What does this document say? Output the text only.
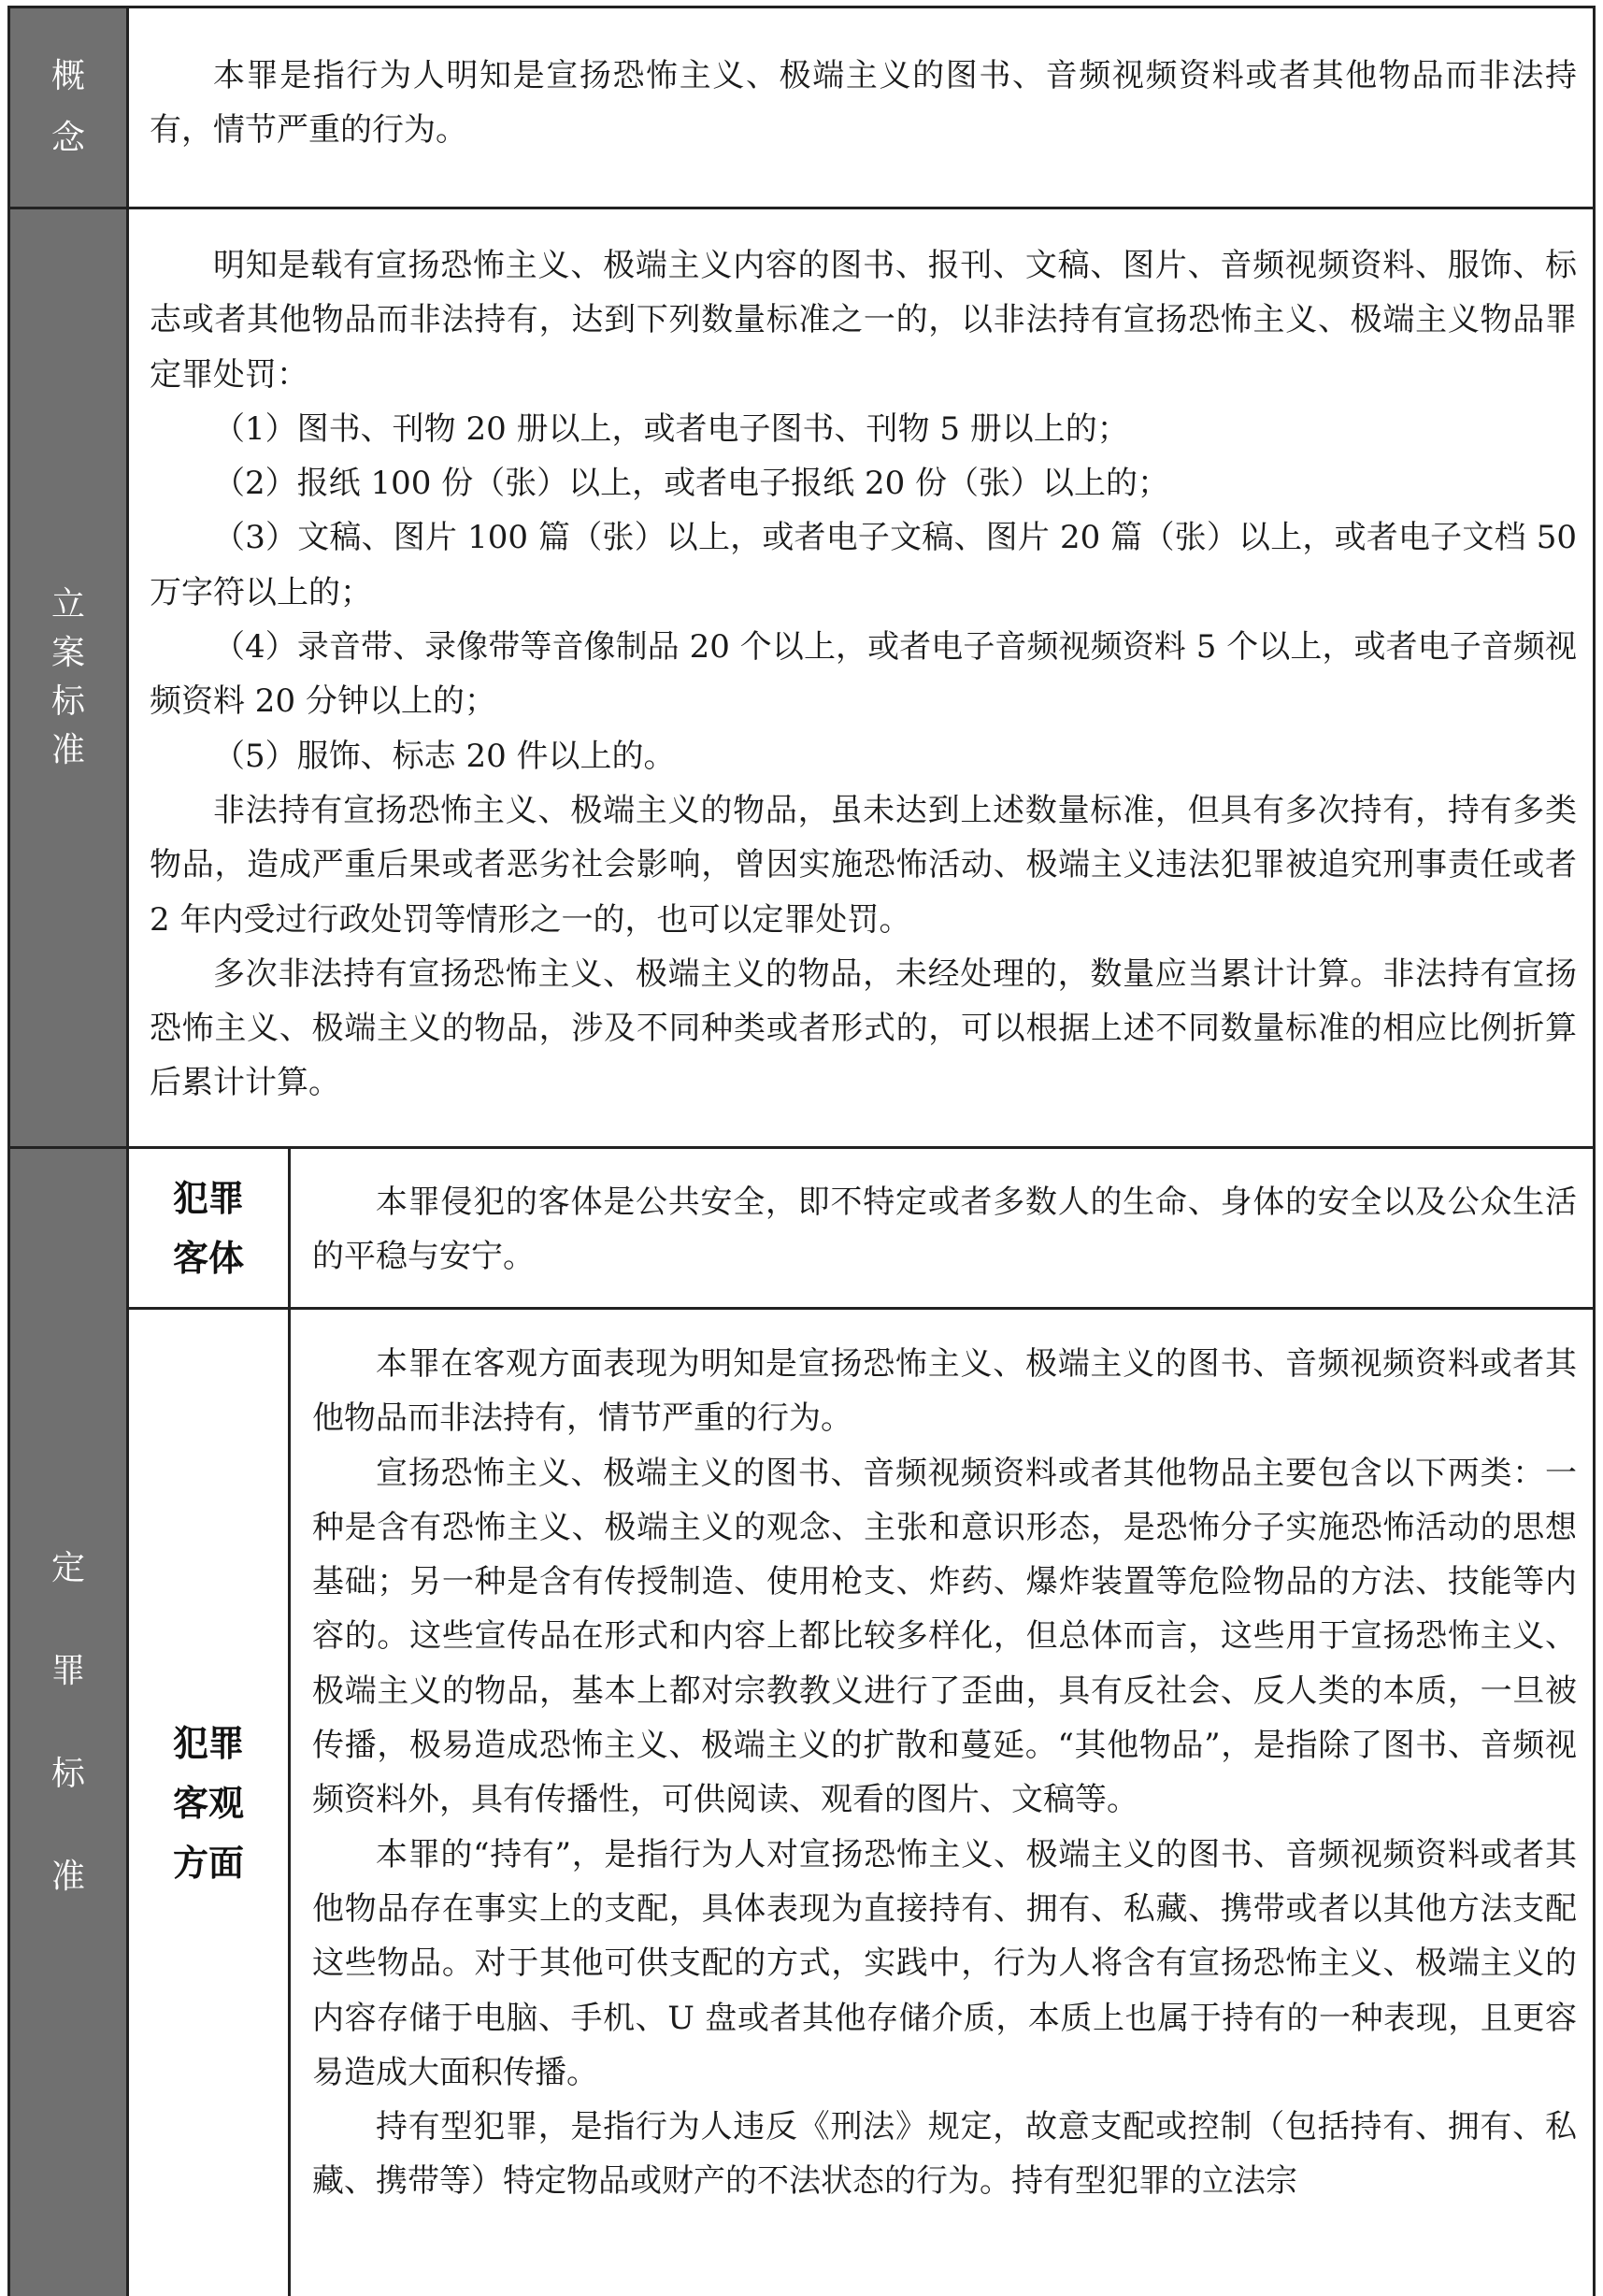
概
念

本罪是指行为人明知是宣扬恐怖主义、极端主义的图书、音频视频资料或者其他物品而非法持有，情节严重的行为。

立
案
标
准

明知是载有宣扬恐怖主义、极端主义内容的图书、报刊、文稿、图片、音频视频资料、服饰、标志或者其他物品而非法持有，达到下列数量标准之一的，以非法持有宣扬恐怖主义、极端主义物品罪定罪处罚：

（1）图书、刊物 20 册以上，或者电子图书、刊物 5 册以上的；

（2）报纸 100 份（张）以上，或者电子报纸 20 份（张）以上的；

（3）文稿、图片 100 篇（张）以上，或者电子文稿、图片 20 篇（张）以上，或者电子文档 50 万字符以上的；

（4）录音带、录像带等音像制品 20 个以上，或者电子音频视频资料 5 个以上，或者电子音频视频资料 20 分钟以上的；

（5）服饰、标志 20 件以上的。

非法持有宣扬恐怖主义、极端主义的物品，虽未达到上述数量标准，但具有多次持有，持有多类物品，造成严重后果或者恶劣社会影响，曾因实施恐怖活动、极端主义违法犯罪被追究刑事责任或者 2 年内受过行政处罚等情形之一的，也可以定罪处罚。

多次非法持有宣扬恐怖主义、极端主义的物品，未经处理的，数量应当累计计算。非法持有宣扬恐怖主义、极端主义的物品，涉及不同种类或者形式的，可以根据上述不同数量标准的相应比例折算后累计计算。

定
罪
标
准
犯罪
客体

本罪侵犯的客体是公共安全，即不特定或者多数人的生命、身体的安全以及公众生活的平稳与安宁。

犯罪
客观
方面

本罪在客观方面表现为明知是宣扬恐怖主义、极端主义的图书、音频视频资料或者其他物品而非法持有，情节严重的行为。

宣扬恐怖主义、极端主义的图书、音频视频资料或者其他物品主要包含以下两类：一种是含有恐怖主义、极端主义的观念、主张和意识形态，是恐怖分子实施恐怖活动的思想基础；另一种是含有传授制造、使用枪支、炸药、爆炸装置等危险物品的方法、技能等内容的。这些宣传品在形式和内容上都比较多样化，但总体而言，这些用于宣扬恐怖主义、极端主义的物品，基本上都对宗教教义进行了歪曲，具有反社会、反人类的本质，一旦被传播，极易造成恐怖主义、极端主义的扩散和蔓延。“其他物品”，是指除了图书、音频视频资料外，具有传播性，可供阅读、观看的图片、文稿等。

本罪的“持有”，是指行为人对宣扬恐怖主义、极端主义的图书、音频视频资料或者其他物品存在事实上的支配，具体表现为直接持有、拥有、私藏、携带或者以其他方法支配这些物品。对于其他可供支配的方式，实践中，行为人将含有宣扬恐怖主义、极端主义的内容存储于电脑、手机、U 盘或者其他存储介质，本质上也属于持有的一种表现，且更容易造成大面积传播。

持有型犯罪，是指行为人违反《刑法》规定，故意支配或控制（包括持有、拥有、私藏、携带等）特定物品或财产的不法状态的行为。持有型犯罪的立法宗
